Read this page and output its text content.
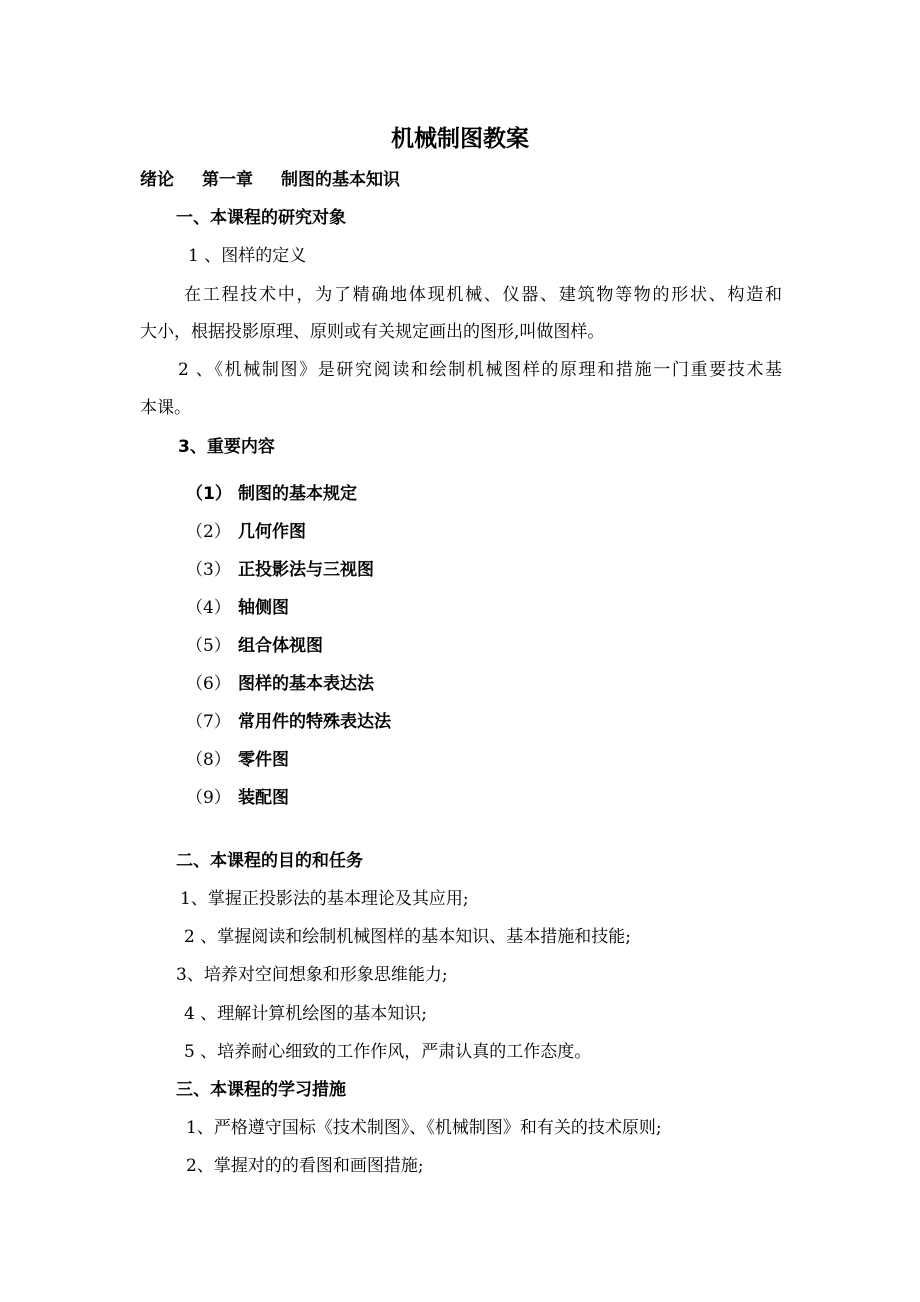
机械制图教案
绪论 第一章 制图的基本知识
一、本课程的研究对象
1 、图样的定义
在工程技术中，为了精确地体现机械、仪器、建筑物等物的形状、构造和
大小，根据投影原理、原则或有关规定画出的图形,叫做图样。
2 、《机械制图》是研究阅读和绘制机械图样的原理和措施一门重要技术基
本课。
3、重要内容
（1） 制图的基本规定
（2） 几何作图
（3） 正投影法与三视图
（4） 轴侧图
（5） 组合体视图
（6） 图样的基本表达法
（7） 常用件的特殊表达法
（8） 零件图
（9） 装配图
二、本课程的目的和任务
1、掌握正投影法的基本理论及其应用;
2 、掌握阅读和绘制机械图样的基本知识、基本措施和技能;
3、培养对空间想象和形象思维能力;
4 、理解计算机绘图的基本知识;
5 、培养耐心细致的工作作风，严肃认真的工作态度。
三、本课程的学习措施
1、严格遵守国标《技术制图》、《机械制图》和有关的技术原则;
2、掌握对的的看图和画图措施;
